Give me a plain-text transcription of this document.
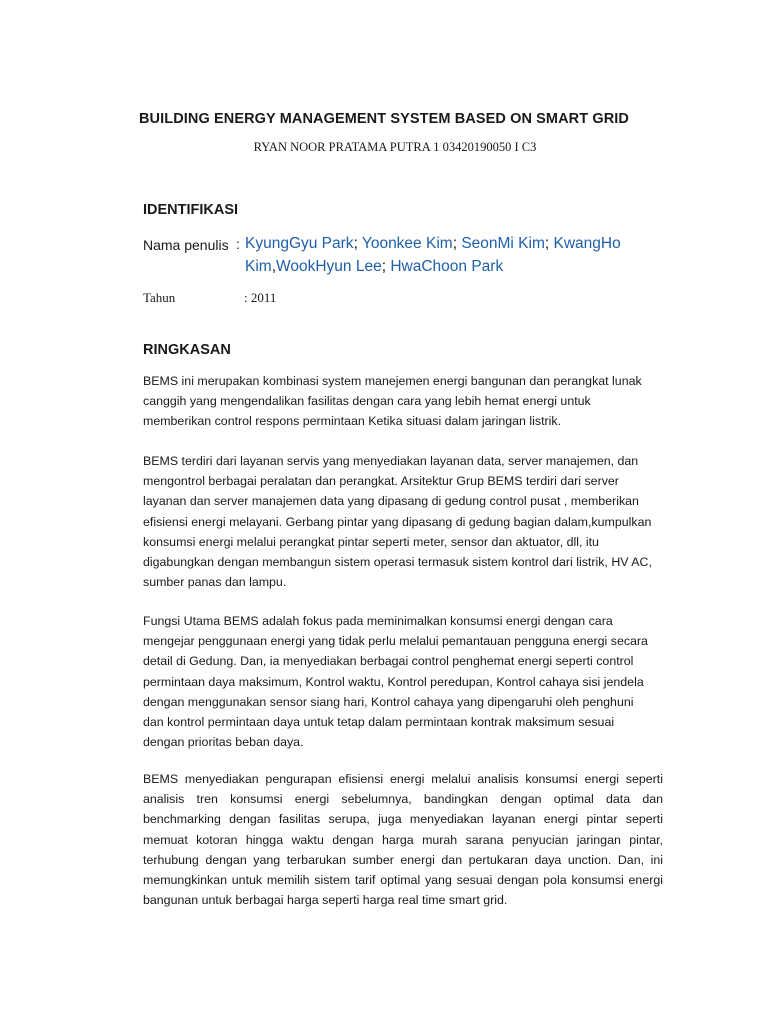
BUILDING ENERGY MANAGEMENT SYSTEM BASED ON SMART GRID
RYAN NOOR PRATAMA PUTRA 1 03420190050 I C3
IDENTIFIKASI
Nama penulis : KyungGyu Park; Yoonkee Kim; SeonMi Kim; KwangHo Kim,WookHyun Lee; HwaChoon Park
Tahun	: 2011
RINGKASAN

BEMS ini merupakan kombinasi system manejemen energi bangunan dan perangkat lunak
canggih yang mengendalikan fasilitas dengan cara yang lebih hemat energi untuk
memberikan control respons permintaan Ketika situasi dalam jaringan listrik.

BEMS terdiri dari layanan servis yang menyediakan layanan data, server manajemen, dan
mengontrol berbagai peralatan dan perangkat. Arsitektur Grup BEMS terdiri dari server
layanan dan server manajemen data yang dipasang di gedung control pusat , memberikan
efisiensi energi melayani. Gerbang pintar yang dipasang di gedung bagian dalam,kumpulkan
konsumsi energi melalui perangkat pintar seperti meter, sensor dan aktuator, dll, itu
digabungkan dengan membangun sistem operasi termasuk sistem kontrol dari listrik, HV AC,
sumber panas dan lampu.

Fungsi Utama BEMS adalah fokus pada meminimalkan konsumsi energi dengan cara
mengejar penggunaan energi yang tidak perlu melalui pemantauan pengguna energi secara
detail di Gedung. Dan, ia menyediakan berbagai control penghemat energi seperti control
permintaan daya maksimum, Kontrol waktu, Kontrol peredupan, Kontrol cahaya sisi jendela
dengan menggunakan sensor siang hari, Kontrol cahaya yang dipengaruhi oleh penghuni
dan kontrol permintaan daya untuk tetap dalam permintaan kontrak maksimum sesuai
dengan prioritas beban daya.

BEMS menyediakan pengurapan efisiensi energi melalui analisis konsumsi energi seperti
analisis tren konsumsi energi sebelumnya, bandingkan dengan optimal data dan
benchmarking dengan fasilitas serupa, juga menyediakan layanan energi pintar seperti
memuat kotoran hingga waktu dengan harga murah sarana penyucian jaringan pintar,
terhubung dengan yang terbarukan sumber energi dan pertukaran daya unction. Dan, ini
memungkinkan untuk memilih sistem tarif optimal yang sesuai dengan pola konsumsi energi
bangunan untuk berbagai harga seperti harga real time smart grid.
